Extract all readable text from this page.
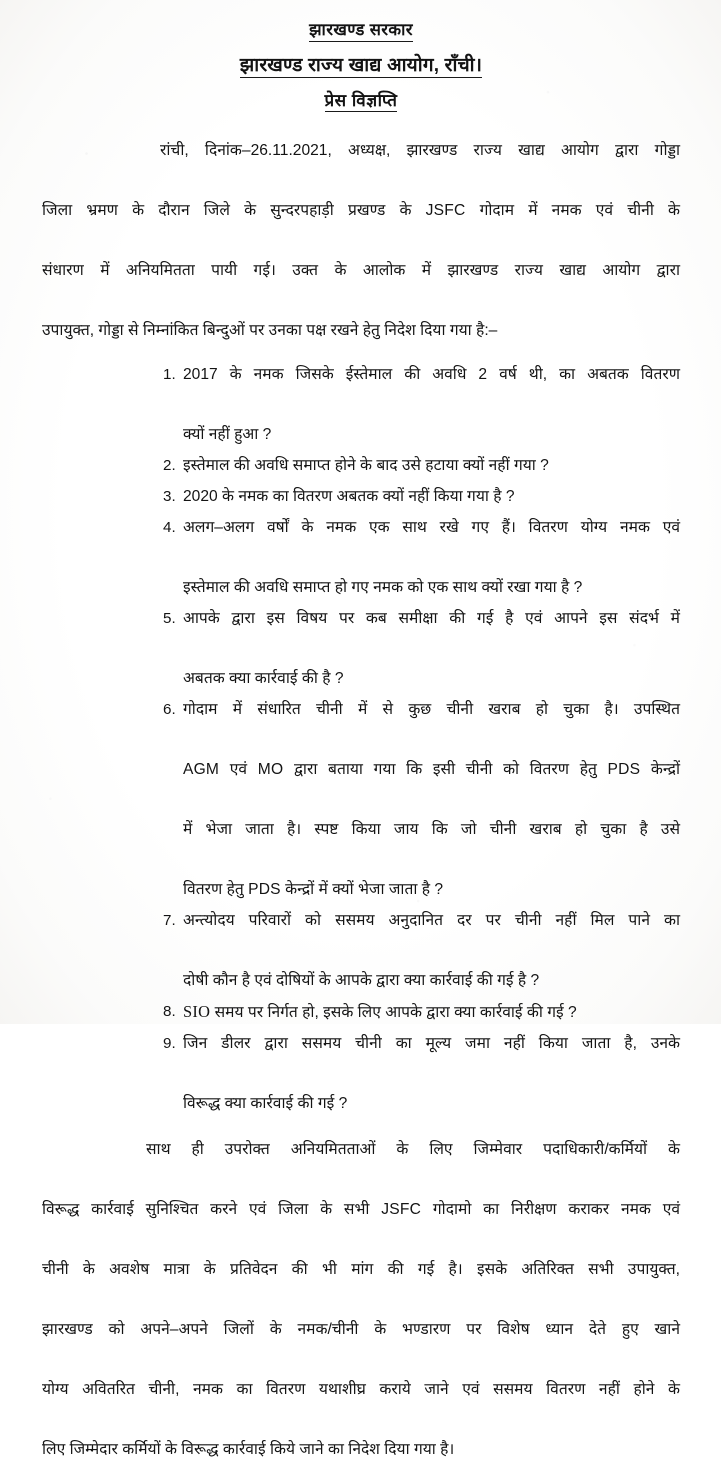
झारखण्ड सरकार
झारखण्ड राज्य खाद्य आयोग, राँची।
प्रेस विज्ञप्ति
रांची, दिनांक–26.11.2021, अध्यक्ष, झारखण्ड राज्य खाद्य आयोग द्वारा गोड्डा
जिला भ्रमण के दौरान जिले के सुन्दरपहाड़ी प्रखण्ड के JSFC गोदाम में नमक एवं चीनी के
संधारण में अनियमितता पायी गई। उक्त के आलोक में झारखण्ड राज्य खाद्य आयोग द्वारा
उपायुक्त, गोड्डा से निम्नांकित बिन्दुओं पर उनका पक्ष रखने हेतु निदेश दिया गया है:–
1. 2017 के नमक जिसके ईस्तेमाल की अवधि 2 वर्ष थी, का अबतक वितरण
क्यों नहीं हुआ ?
2. इस्तेमाल की अवधि समाप्त होने के बाद उसे हटाया क्यों नहीं गया ?
3. 2020 के नमक का वितरण अबतक क्यों नहीं किया गया है ?
4. अलग–अलग वर्षों के नमक एक साथ रखे गए हैं। वितरण योग्य नमक एवं
इस्तेमाल की अवधि समाप्त हो गए नमक को एक साथ क्यों रखा गया है ?
5. आपके द्वारा इस विषय पर कब समीक्षा की गई है एवं आपने इस संदर्भ में
अबतक क्या कार्रवाई की है ?
6. गोदाम में संधारित चीनी में से कुछ चीनी खराब हो चुका है। उपस्थित
AGM एवं MO द्वारा बताया गया कि इसी चीनी को वितरण हेतु PDS केन्द्रों
में भेजा जाता है। स्पष्ट किया जाय कि जो चीनी खराब हो चुका है उसे
वितरण हेतु PDS केन्द्रों में क्यों भेजा जाता है ?
7. अन्त्योदय परिवारों को ससमय अनुदानित दर पर चीनी नहीं मिल पाने का
दोषी कौन है एवं दोषियों के आपके द्वारा क्या कार्रवाई की गई है ?
8. SIO समय पर निर्गत हो, इसके लिए आपके द्वारा क्या कार्रवाई की गई ?
9. जिन डीलर द्वारा ससमय चीनी का मूल्य जमा नहीं किया जाता है, उनके
विरूद्ध क्या कार्रवाई की गई ?
साथ ही उपरोक्त अनियमितताओं के लिए जिम्मेवार पदाधिकारी/कर्मियों के
विरूद्ध कार्रवाई सुनिश्चित करने एवं जिला के सभी JSFC गोदामो का निरीक्षण कराकर नमक एवं
चीनी के अवशेष मात्रा के प्रतिवेदन की भी मांग की गई है। इसके अतिरिक्त सभी उपायुक्त,
झारखण्ड को अपने–अपने जिलों के नमक/चीनी के भण्डारण पर विशेष ध्यान देते हुए खाने
योग्य अवितरित चीनी, नमक का वितरण यथाशीघ्र कराये जाने एवं ससमय वितरण नहीं होने के
लिए जिम्मेदार कर्मियों के विरूद्ध कार्रवाई किये जाने का निदेश दिया गया है।
